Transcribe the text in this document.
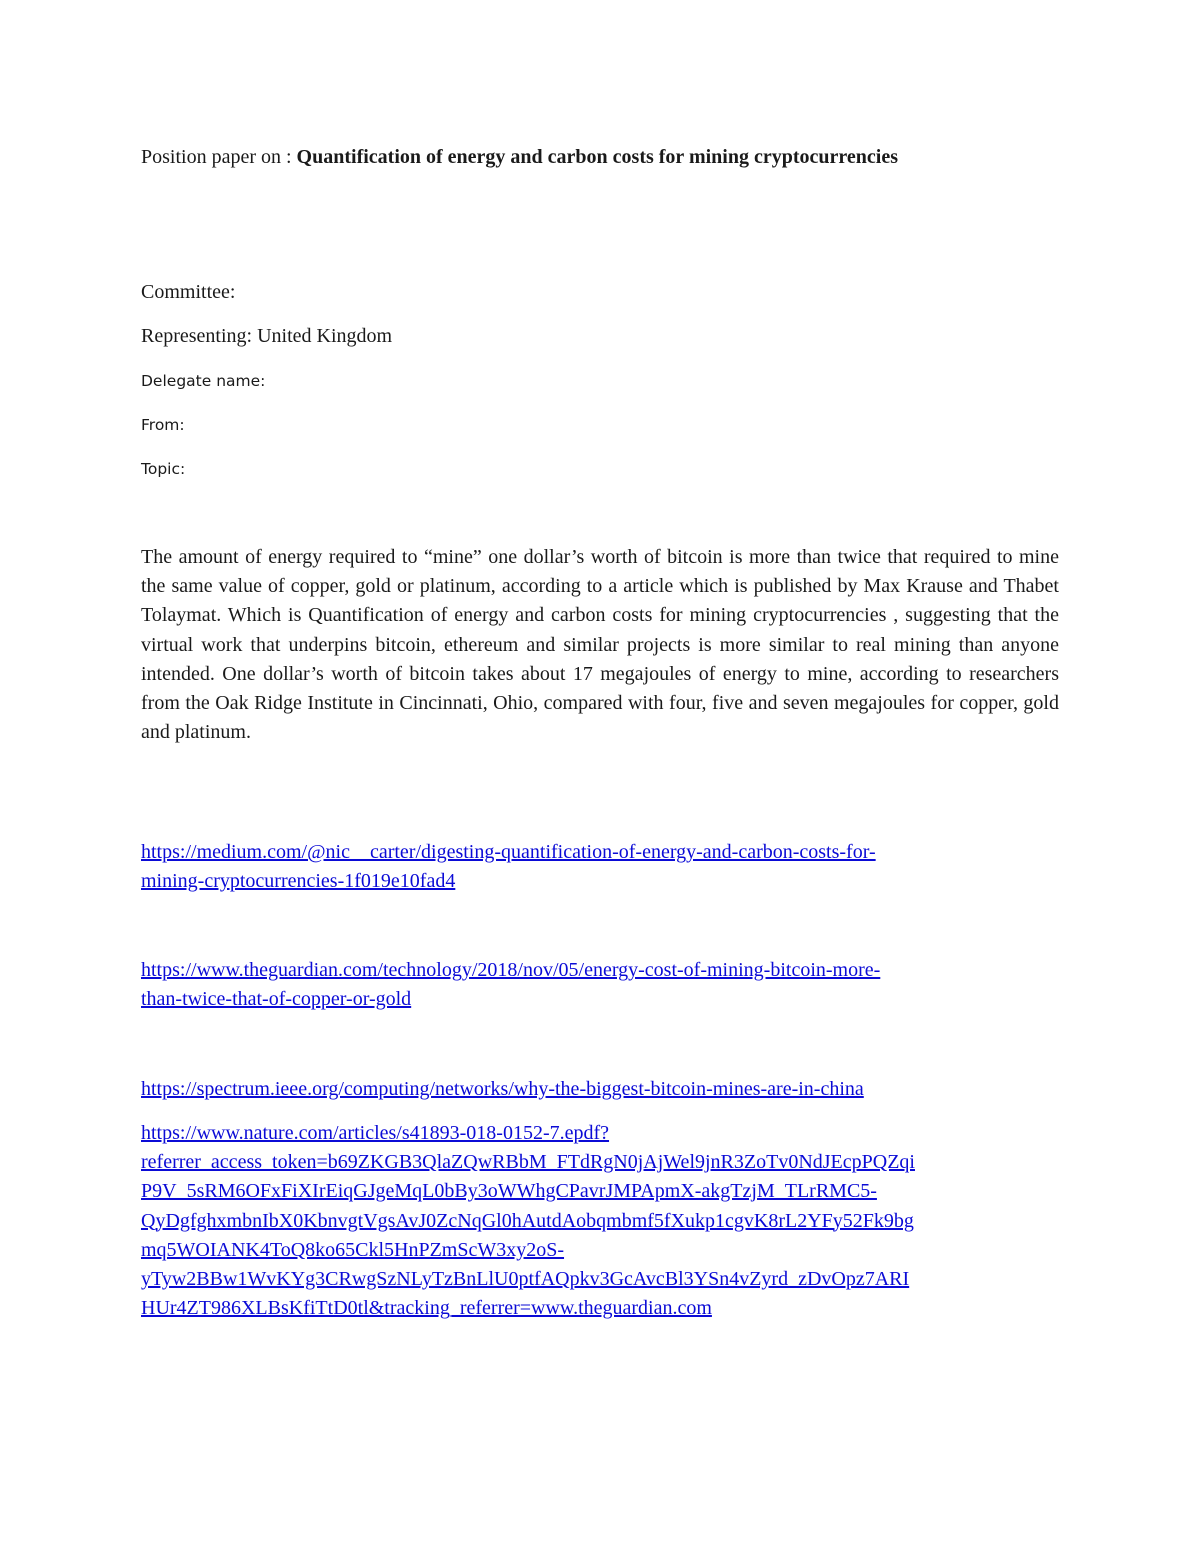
Position paper on : Quantification of energy and carbon costs for mining cryptocurrencies
Committee:
Representing: United Kingdom
Delegate name:
From:
Topic:
The amount of energy required to “mine” one dollar’s worth of bitcoin is more than twice that required to mine the same value of copper, gold or platinum, according to a article which is published by Max Krause and Thabet Tolaymat. Which is Quantification of energy and carbon costs for mining cryptocurrencies , suggesting that the virtual work that underpins bitcoin, ethereum and similar projects is more similar to real mining than anyone intended. One dollar’s worth of bitcoin takes about 17 megajoules of energy to mine, according to researchers from the Oak Ridge Institute in Cincinnati, Ohio, compared with four, five and seven megajoules for copper, gold and platinum.
https://medium.com/@nic__carter/digesting-quantification-of-energy-and-carbon-costs-for-
mining-cryptocurrencies-1f019e10fad4
https://www.theguardian.com/technology/2018/nov/05/energy-cost-of-mining-bitcoin-more-
than-twice-that-of-copper-or-gold
https://spectrum.ieee.org/computing/networks/why-the-biggest-bitcoin-mines-are-in-china
https://www.nature.com/articles/s41893-018-0152-7.epdf?
referrer_access_token=b69ZKGB3QlaZQwRBbM_FTdRgN0jAjWel9jnR3ZoTv0NdJEcpPQZqi
P9V_5sRM6OFxFiXIrEiqGJgeMqL0bBy3oWWhgCPavrJMPApmX-akgTzjM_TLrRMC5-
QyDgfghxmbnIbX0KbnvgtVgsAvJ0ZcNqGl0hAutdAobqmbmf5fXukp1cgvK8rL2YFy52Fk9bg
mq5WOIANK4ToQ8ko65Ckl5HnPZmScW3xy2oS-
yTyw2BBw1WvKYg3CRwgSzNLyTzBnLlU0ptfAQpkv3GcAvcBl3YSn4vZyrd_zDvOpz7ARI
HUr4ZT986XLBsKfiTtD0tl&tracking_referrer=www.theguardian.com
